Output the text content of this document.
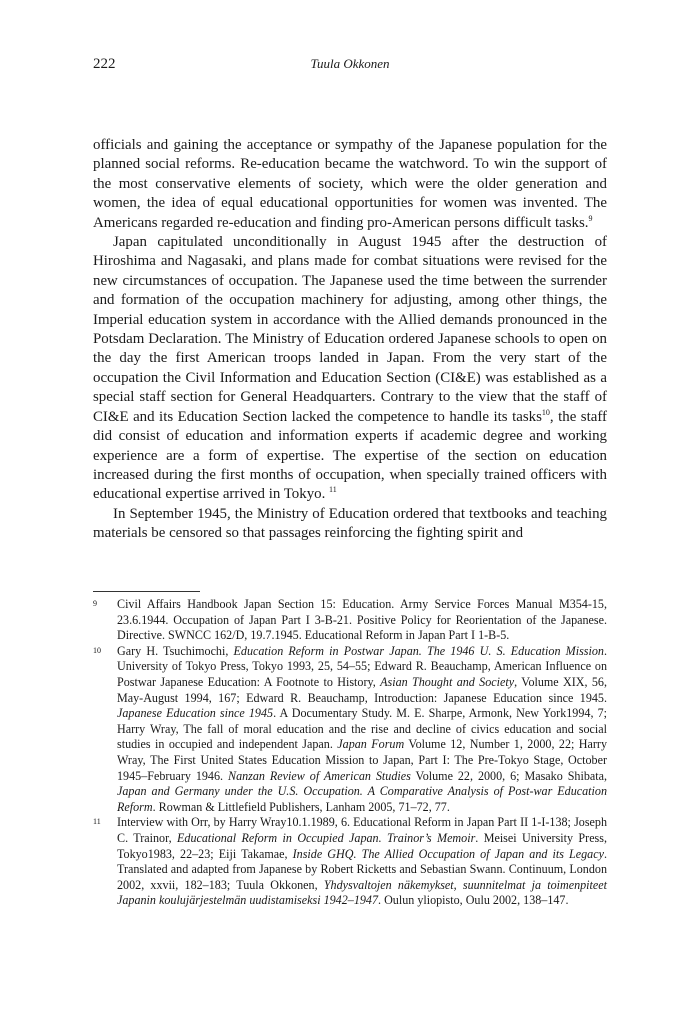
222	Tuula Okkonen

officials and gaining the acceptance or sympathy of the Japanese population for the planned social reforms. Re-education became the watchword. To win the support of the most conservative elements of society, which were the older generation and women, the idea of equal educational opportunities for women was invented. The Americans regarded re-education and finding pro-American persons difficult tasks.$^9$

Japan capitulated unconditionally in August 1945 after the destruction of Hiroshima and Nagasaki, and plans made for combat situations were revised for the new circumstances of occupation. The Japanese used the time between the surrender and formation of the occupation machinery for adjusting, among other things, the Imperial education system in accordance with the Allied demands pronounced in the Potsdam Declaration. The Ministry of Education ordered Japanese schools to open on the day the first American troops landed in Japan. From the very start of the occupation the Civil Information and Education Section (CI&E) was established as a special staff section for General Headquarters. Contrary to the view that the staff of CI&E and its Education Section lacked the competence to handle its tasks$^{10}$, the staff did consist of education and information experts if academic degree and working experience are a form of expertise. The expertise of the section on education increased during the first months of occupation, when specially trained officers with educational expertise arrived in Tokyo. $^{11}$

In September 1945, the Ministry of Education ordered that textbooks and teaching materials be censored so that passages reinforcing the fighting spirit and

9 Civil Affairs Handbook Japan Section 15: Education. Army Service Forces Manual M354-15, 23.6.1944. Occupation of Japan Part I 3-B-21. Positive Policy for Reorientation of the Japanese. Directive. SWNCC 162/D, 19.7.1945. Educational Reform in Japan Part I 1-B-5.
10 Gary H. Tsuchimochi, Education Reform in Postwar Japan. The 1946 U. S. Education Mission. University of Tokyo Press, Tokyo 1993, 25, 54–55; Edward R. Beauchamp, American Influence on Postwar Japanese Education: A Footnote to History, Asian Thought and Society, Volume XIX, 56, May-August 1994, 167; Edward R. Beauchamp, Introduction: Japanese Education since 1945. Japanese Education since 1945. A Documentary Study. M. E. Sharpe, Armonk, New York1994, 7; Harry Wray, The fall of moral education and the rise and decline of civics education and social studies in occupied and independent Japan. Japan Forum Volume 12, Number 1, 2000, 22; Harry Wray, The First United States Education Mission to Japan, Part I: The Pre-Tokyo Stage, October 1945–February 1946. Nanzan Review of American Studies Volume 22, 2000, 6; Masako Shibata, Japan and Germany under the U.S. Occupation. A Comparative Analysis of Post-war Education Reform. Rowman & Littlefield Publishers, Lanham 2005, 71–72, 77.
11 Interview with Orr, by Harry Wray10.1.1989, 6. Educational Reform in Japan Part II 1-I-138; Joseph C. Trainor, Educational Reform in Occupied Japan. Trainor’s Memoir. Meisei University Press, Tokyo1983, 22–23; Eiji Takamae, Inside GHQ. The Allied Occupation of Japan and its Legacy. Translated and adapted from Japanese by Robert Ricketts and Sebastian Swann. Continuum, London 2002, xxvii, 182–183; Tuula Okkonen, Yhdysvaltojen näkemykset, suunnitelmat ja toimenpiteet Japanin koulujärjestelmän uudistamiseksi 1942–1947. Oulun yliopisto, Oulu 2002, 138–147.
